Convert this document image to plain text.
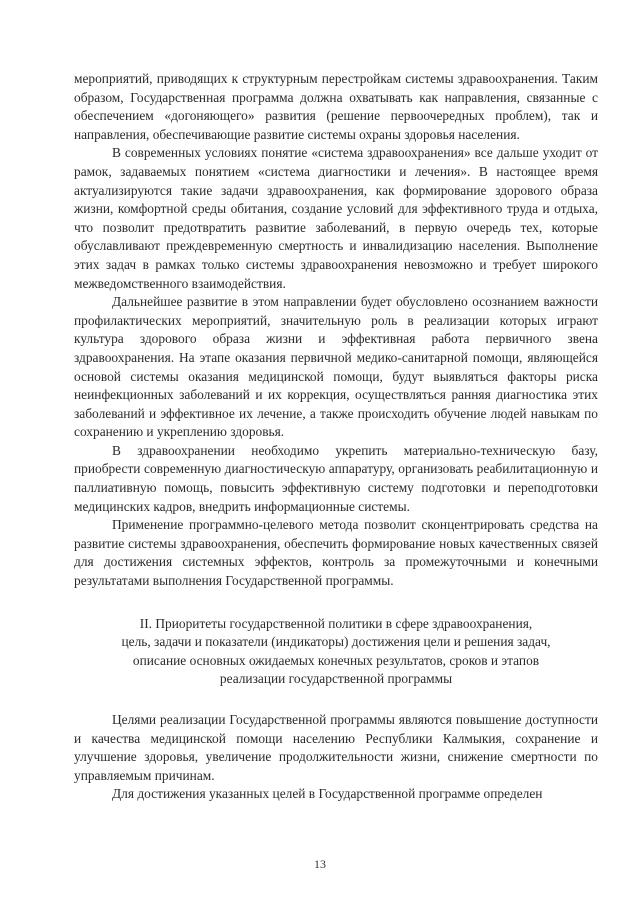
мероприятий, приводящих к структурным перестройкам системы здравоохранения. Таким образом, Государственная программа должна охватывать как направления, связанные с обеспечением «догоняющего» развития (решение первоочередных проблем), так и направления, обеспечивающие развитие системы охраны здоровья населения.

В современных условиях понятие «система здравоохранения» все дальше уходит от рамок, задаваемых понятием «система диагностики и лечения». В настоящее время актуализируются такие задачи здравоохранения, как формирование здорового образа жизни, комфортной среды обитания, создание условий для эффективного труда и отдыха, что позволит предотвратить развитие заболеваний, в первую очередь тех, которые обуславливают преждевременную смертность и инвалидизацию населения. Выполнение этих задач в рамках только системы здравоохранения невозможно и требует широкого межведомственного взаимодействия.

Дальнейшее развитие в этом направлении будет обусловлено осознанием важности профилактических мероприятий, значительную роль в реализации которых играют культура здорового образа жизни и эффективная работа первичного звена здравоохранения. На этапе оказания первичной медико-санитарной помощи, являющейся основой системы оказания медицинской помощи, будут выявляться факторы риска неинфекционных заболеваний и их коррекция, осуществляться ранняя диагностика этих заболеваний и эффективное их лечение, а также происходить обучение людей навыкам по сохранению и укреплению здоровья.

В здравоохранении необходимо укрепить материально-техническую базу, приобрести современную диагностическую аппаратуру, организовать реабилитационную и паллиативную помощь, повысить эффективную систему подготовки и переподготовки медицинских кадров, внедрить информационные системы.

Применение программно-целевого метода позволит сконцентрировать средства на развитие системы здравоохранения, обеспечить формирование новых качественных связей для достижения системных эффектов, контроль за промежуточными и конечными результатами выполнения Государственной программы.

II. Приоритеты государственной политики в сфере здравоохранения,
цель, задачи и показатели (индикаторы) достижения цели и решения задач,
описание основных ожидаемых конечных результатов, сроков и этапов
реализации государственной программы

Целями реализации Государственной программы являются повышение доступности и качества медицинской помощи населению Республики Калмыкия, сохранение и улучшение здоровья, увеличение продолжительности жизни, снижение смертности по управляемым причинам.

Для достижения указанных целей в Государственной программе определен

13
